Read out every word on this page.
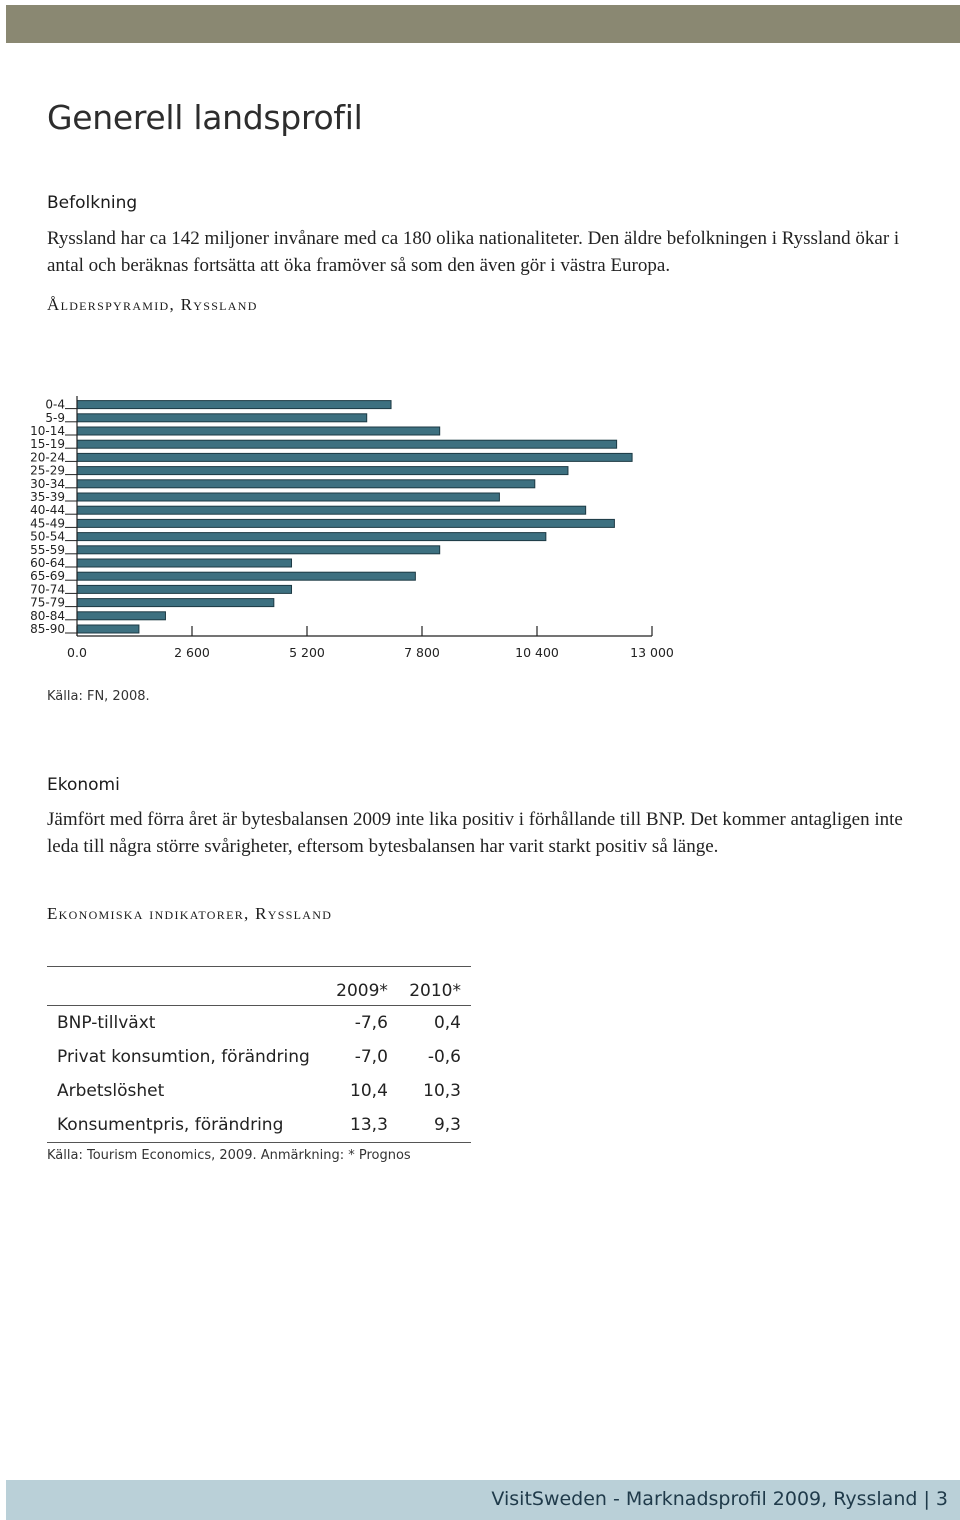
Generell landsprofil
Befolkning

Ryssland har ca 142 miljoner invånare med ca 180 olika nationaliteter. Den äldre befolkningen i Ryssland ökar i antal och beräknas fortsätta att öka framöver så som den även gör i västra Europa.

Ålderspyramid, Ryssland
0-4
5-9
10-14
15-19
20-24
25-29
30-34
35-39
40-44
45-49
50-54
55-59
60-64
65-69
70-74
75-79
80-84
85-90
0.0	2 600	5 200	7 800	10 400	13 000

Källa: FN, 2008.

Ekonomi

Jämfört med förra året är bytesbalansen 2009 inte lika positiv i förhållande till BNP. Det kommer antagligen inte leda till några större svårigheter, eftersom bytesbalansen har varit starkt positiv så länge.

Ekonomiska indikatorer, Ryssland
	2009*	2010*
BNP-tillväxt	-7,6	0,4
Privat konsumtion, förändring	-7,0	-0,6
Arbetslöshet	10,4	10,3
Konsumentpris, förändring	13,3	9,3

Källa: Tourism Economics, 2009. Anmärkning: * Prognos

VisitSweden - Marknadsprofil 2009, Ryssland | 3
